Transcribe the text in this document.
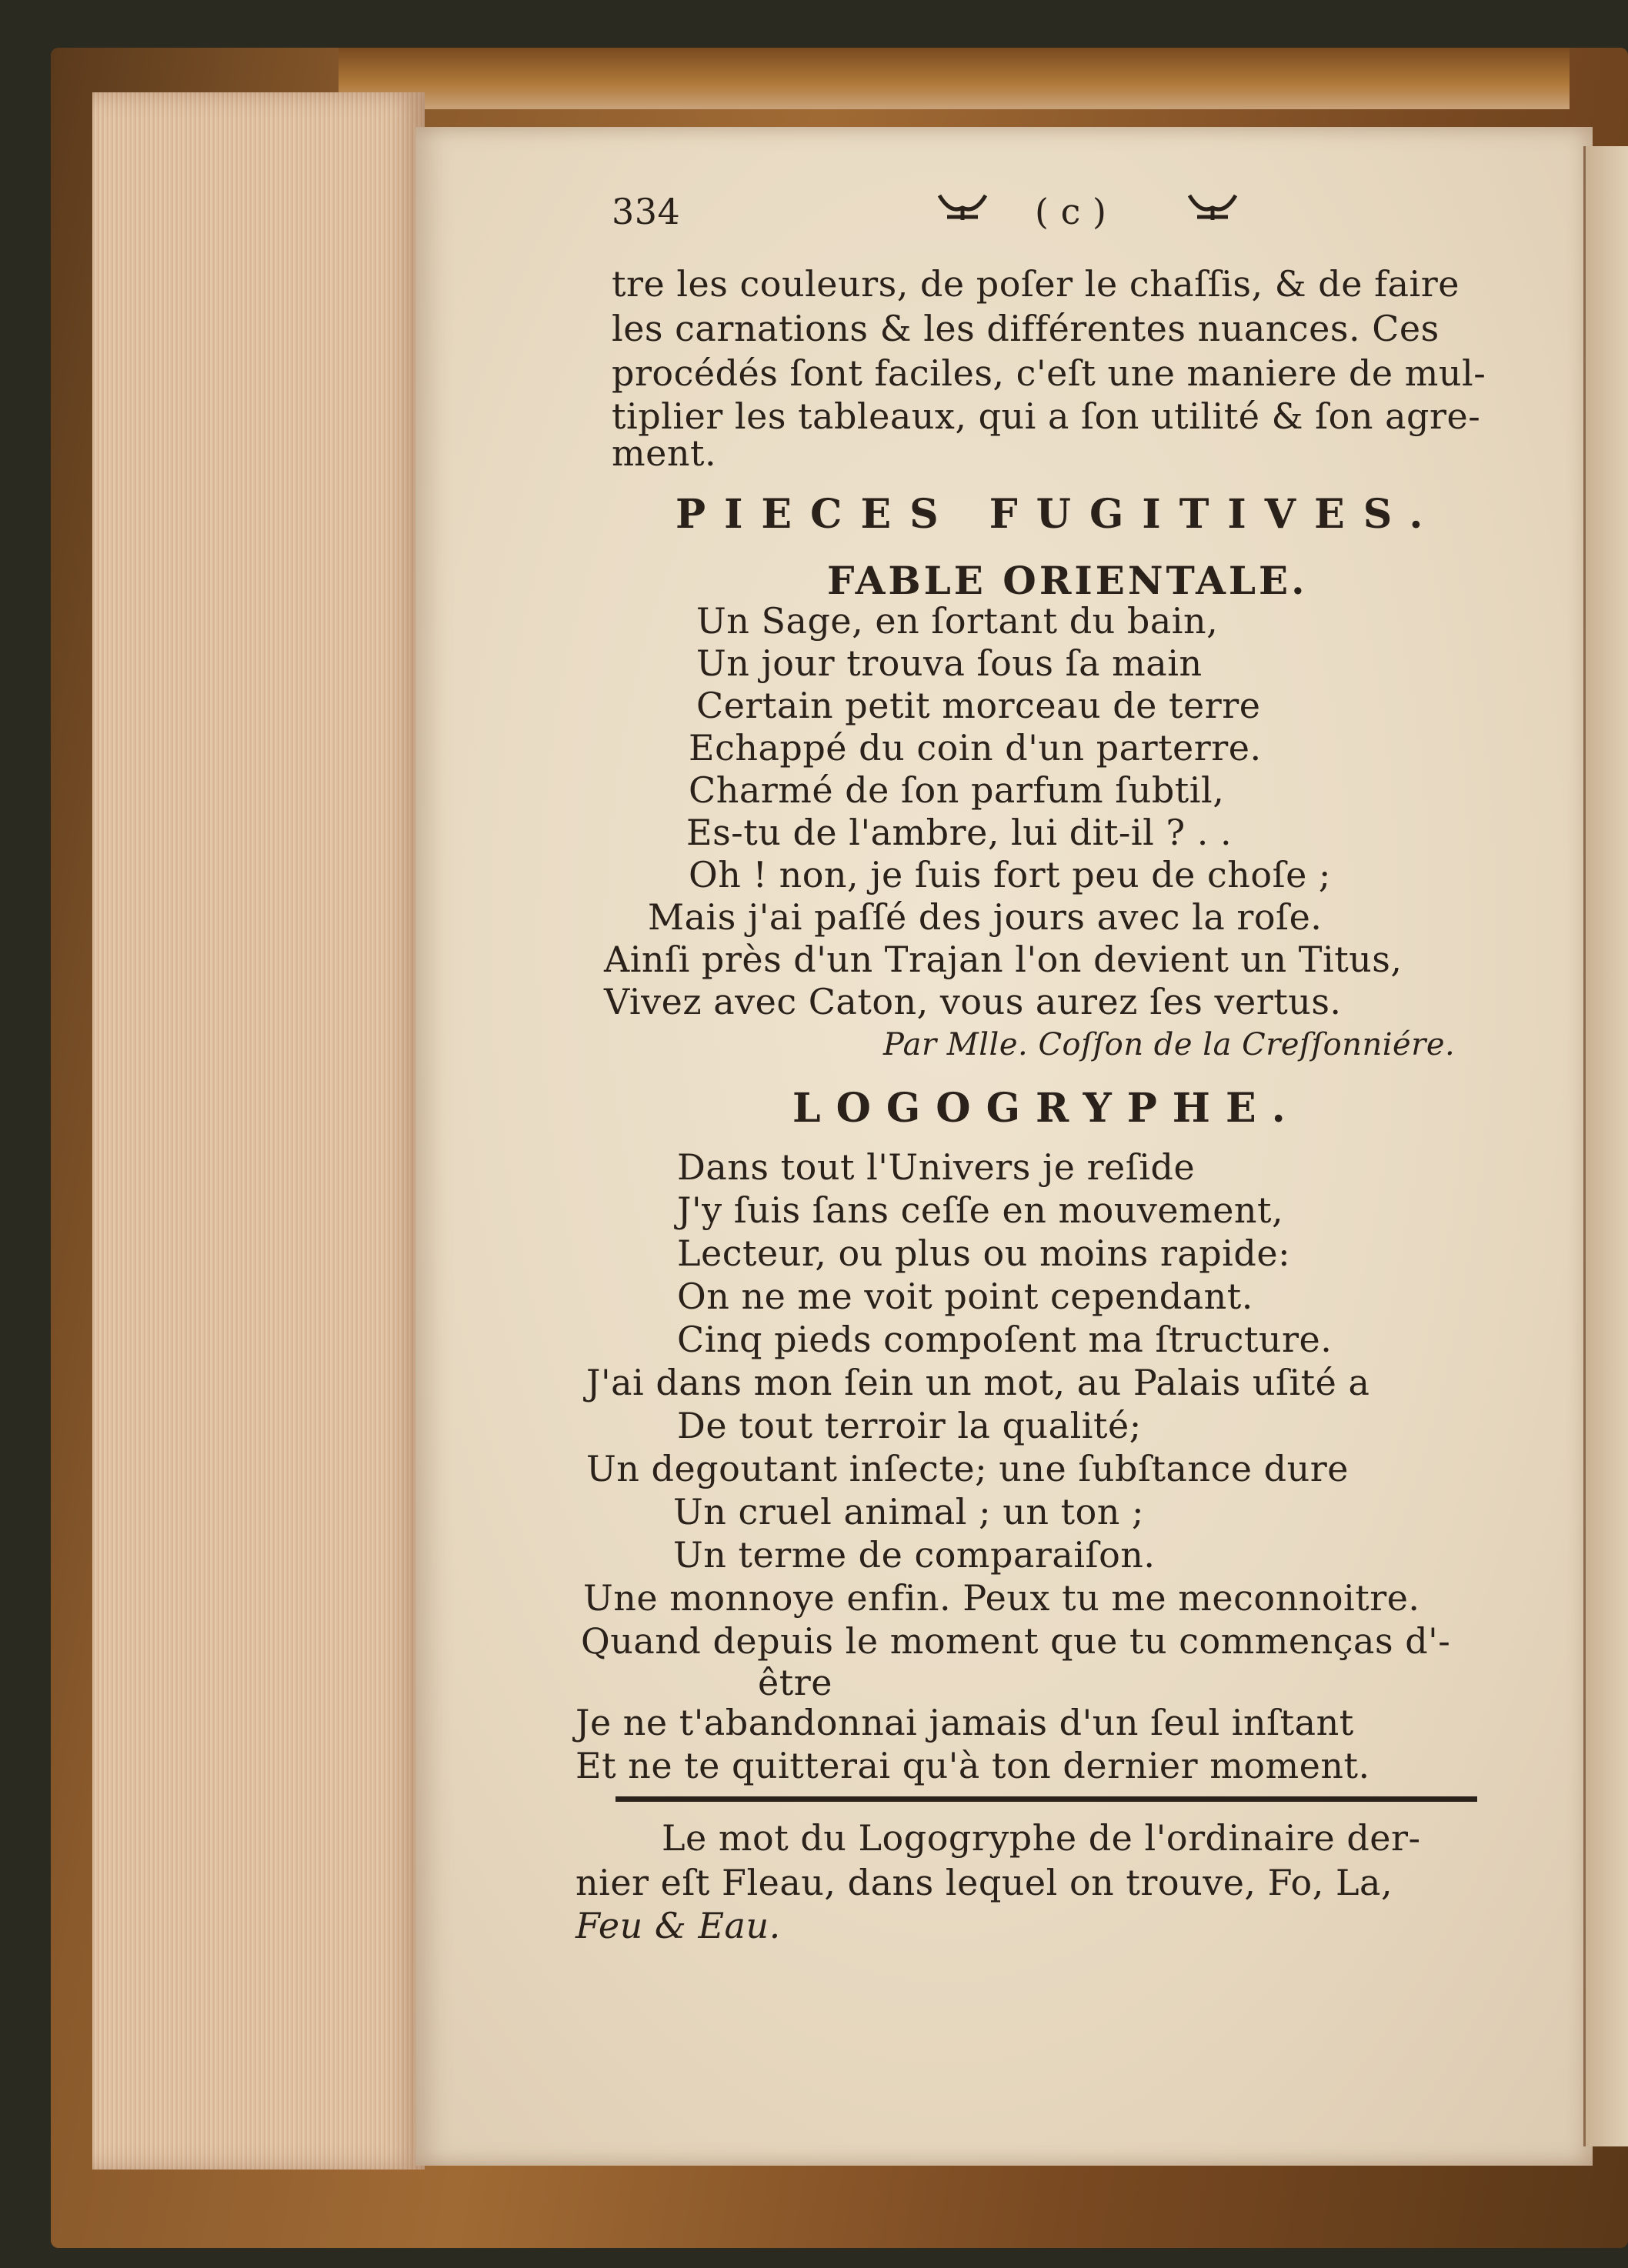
334	( c )
tre les couleurs, de poſer le chaſſis, & de faire
les carnations & les différentes nuances. Ces
procédés ſont faciles, c'eſt une maniere de mul-
tiplier les tableaux, qui a ſon utilité & ſon agre-
ment.
PIECES FUGITIVES.
FABLE ORIENTALE.
Un Sage, en ſortant du bain,
Un jour trouva ſous ſa main
Certain petit morceau de terre
Echappé du coin d'un parterre.
Charmé de ſon parfum ſubtil,
Es-tu de l'ambre, lui dit-il ? . .
Oh ! non, je ſuis fort peu de choſe ;
Mais j'ai paſſé des jours avec la roſe.
Ainſi près d'un Trajan l'on devient un Titus,
Vivez avec Caton, vous aurez ſes vertus.
Par Mlle. Coſſon de la Creſſonniére.
LOGOGRYPHE.
Dans tout l'Univers je reſide
J'y ſuis ſans ceſſe en mouvement,
Lecteur, ou plus ou moins rapide:
On ne me voit point cependant.
Cinq pieds compoſent ma ſtructure.
J'ai dans mon ſein un mot, au Palais uſité a
De tout terroir la qualité;
Un degoutant inſecte; une ſubſtance dure
Un cruel animal ; un ton ;
Un terme de comparaiſon.
Une monnoye enfin. Peux tu me meconnoitre.
Quand depuis le moment que tu commenças d'-
être
Je ne t'abandonnai jamais d'un ſeul inſtant
Et ne te quitterai qu'à ton dernier moment.
Le mot du Logogryphe de l'ordinaire der-
nier eſt Fleau, dans lequel on trouve, Fo, La,
Feu & Eau.
